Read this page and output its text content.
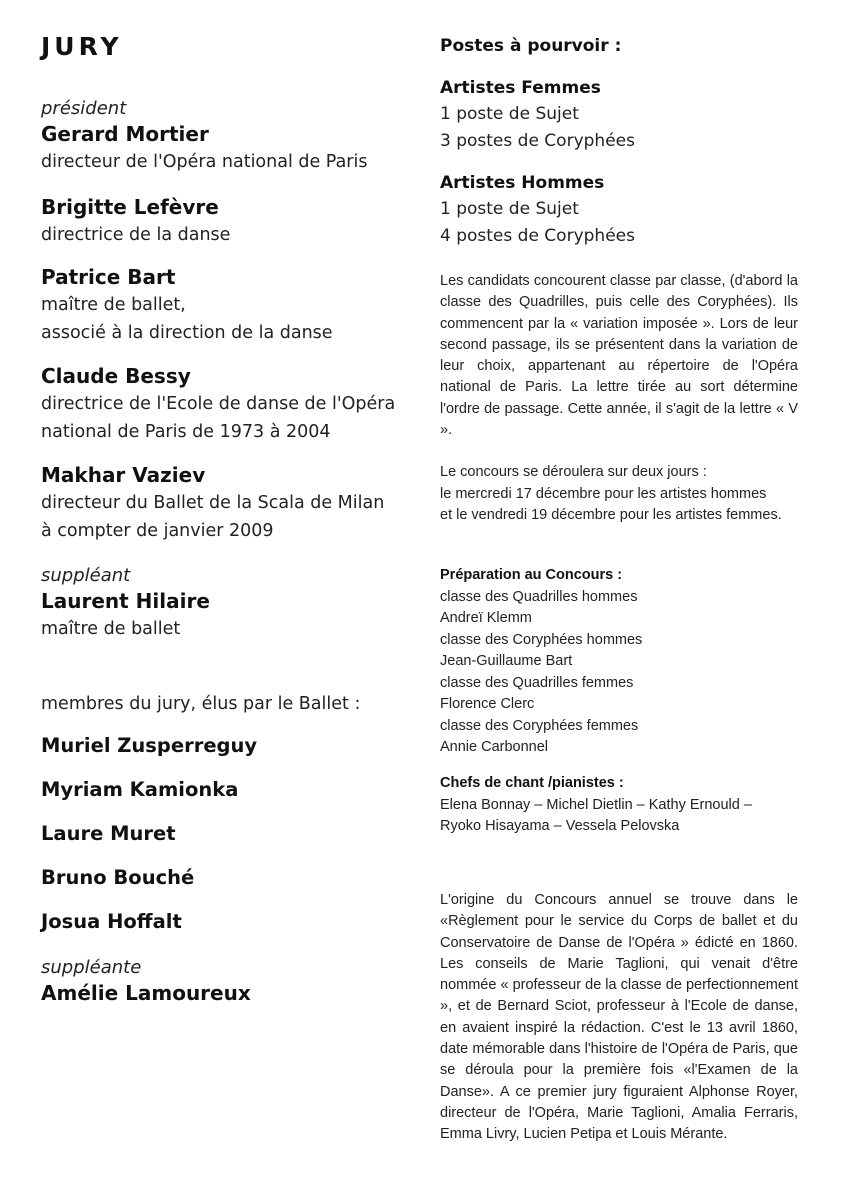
JURY
président
Gerard Mortier
directeur de l'Opéra national de Paris
Brigitte Lefèvre
directrice de la danse
Patrice Bart
maître de ballet,
associé à la direction de la danse
Claude Bessy
directrice de l'Ecole de danse de l'Opéra
national de Paris de 1973 à 2004
Makhar Vaziev
directeur du Ballet de la Scala de Milan
à compter de janvier 2009
suppléant
Laurent Hilaire
maître de ballet
membres du jury, élus par le Ballet :
Muriel Zusperreguy
Myriam Kamionka
Laure Muret
Bruno Bouché
Josua Hoffalt
suppléante
Amélie Lamoureux
Postes à pourvoir :
Artistes Femmes
1 poste de Sujet
3 postes de Coryphées
Artistes Hommes
1 poste de Sujet
4 postes de Coryphées
Les candidats concourent classe par classe, (d'abord la classe des Quadrilles, puis celle des Coryphées). Ils commencent par la « variation imposée ». Lors de leur second passage, ils se présentent dans la variation de leur choix, appartenant au répertoire de l'Opéra national de Paris. La lettre tirée au sort détermine l'ordre de passage. Cette année, il s'agit de la lettre « V ».
Le concours se déroulera sur deux jours :
le mercredi 17 décembre pour les artistes hommes
et le vendredi 19 décembre pour les artistes femmes.
Préparation au Concours :
classe des Quadrilles hommes
Andreï Klemm
classe des Coryphées hommes
Jean-Guillaume Bart
classe des Quadrilles femmes
Florence Clerc
classe des Coryphées femmes
Annie Carbonnel
Chefs de chant /pianistes :
Elena Bonnay – Michel Dietlin – Kathy Ernould –
Ryoko Hisayama – Vessela Pelovska
L'origine du Concours annuel se trouve dans le «Règlement pour le service du Corps de ballet et du Conservatoire de Danse de l'Opéra » édicté en 1860. Les conseils de Marie Taglioni, qui venait d'être nommée « professeur de la classe de perfectionnement », et de Bernard Sciot, professeur à l'Ecole de danse, en avaient inspiré la rédaction. C'est le 13 avril 1860, date mémorable dans l'histoire de l'Opéra de Paris, que se déroula pour la première fois «l'Examen de la Danse». A ce premier jury figuraient Alphonse Royer, directeur de l'Opéra, Marie Taglioni, Amalia Ferraris, Emma Livry, Lucien Petipa et Louis Mérante.
